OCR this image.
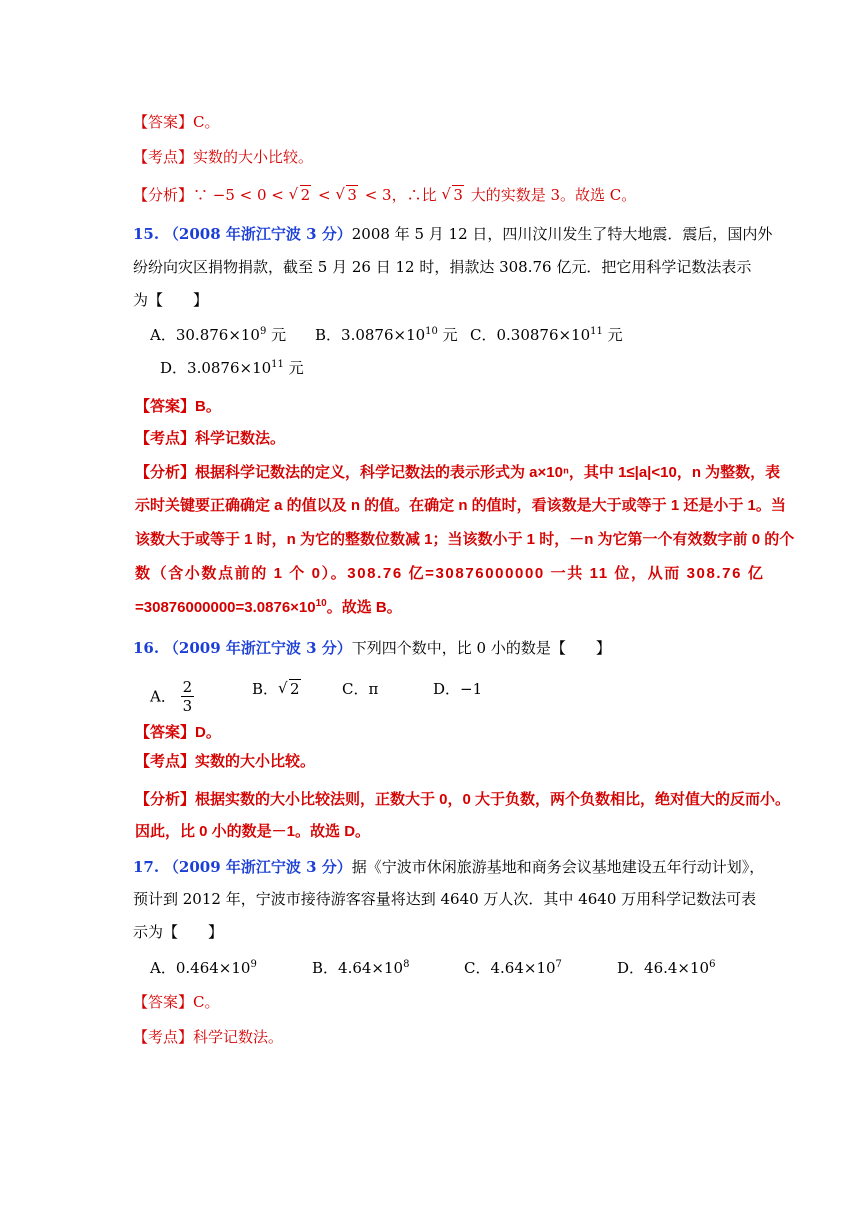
【答案】C。
【考点】实数的大小比较。
【分析】∵ −5 < 0 < √ 2 < √ 3 < 3，∴比 √ 3 大的实数是 3。故选 C。
15. （2008 年浙江宁波 3 分）2008 年 5 月 12 日，四川汶川发生了特大地震．震后，国内外
纷纷向灾区捐物捐款，截至 5 月 26 日 12 时，捐款达 308.76 亿元．把它用科学记数法表示
为【　　】
A．$30.876\times 10^9$ 元 B．$3.0876\times 10^{10}$ 元 C．$0.30876\times 10^{11}$ 元
D．$3.0876\times 10^{11}$ 元
【答案】B。
【考点】科学记数法。
【分析】根据科学记数法的定义，科学记数法的表示形式为 a×10ⁿ，其中 1≤|a|<10，n 为整数，表
示时关键要正确确定 a 的值以及 n 的值。在确定 n 的值时，看该数是大于或等于 1 还是小于 1。当
该数大于或等于 1 时，n 为它的整数位数减 1；当该数小于 1 时，－n 为它第一个有效数字前 0 的个
数（含小数点前的 1 个 0）。308.76 亿=30876000000 一共 11 位，从而 308.76 亿
$=30876000000=3.0876\times 10^{10}$。故选 B。
16. （2009 年浙江宁波 3 分）下列四个数中，比 0 小的数是【　　】
A． $\frac{2}{3}$	B． √ 2	C．π	D．−1
【答案】D。
【考点】实数的大小比较。
【分析】根据实数的大小比较法则，正数大于 0，0 大于负数，两个负数相比，绝对值大的反而小。
因此，比 0 小的数是－1。故选 D。
17. （2009 年浙江宁波 3 分）据《宁波市休闲旅游基地和商务会议基地建设五年行动计划》，
预计到 2012 年，宁波市接待游客容量将达到 4640 万人次．其中 4640 万用科学记数法可表
示为【　　】
A．$0.464\times 10^9$	B．$4.64\times 10^8$	C．$4.64\times 10^7$	D．$46.4\times 10^6$
【答案】C。
【考点】科学记数法。
